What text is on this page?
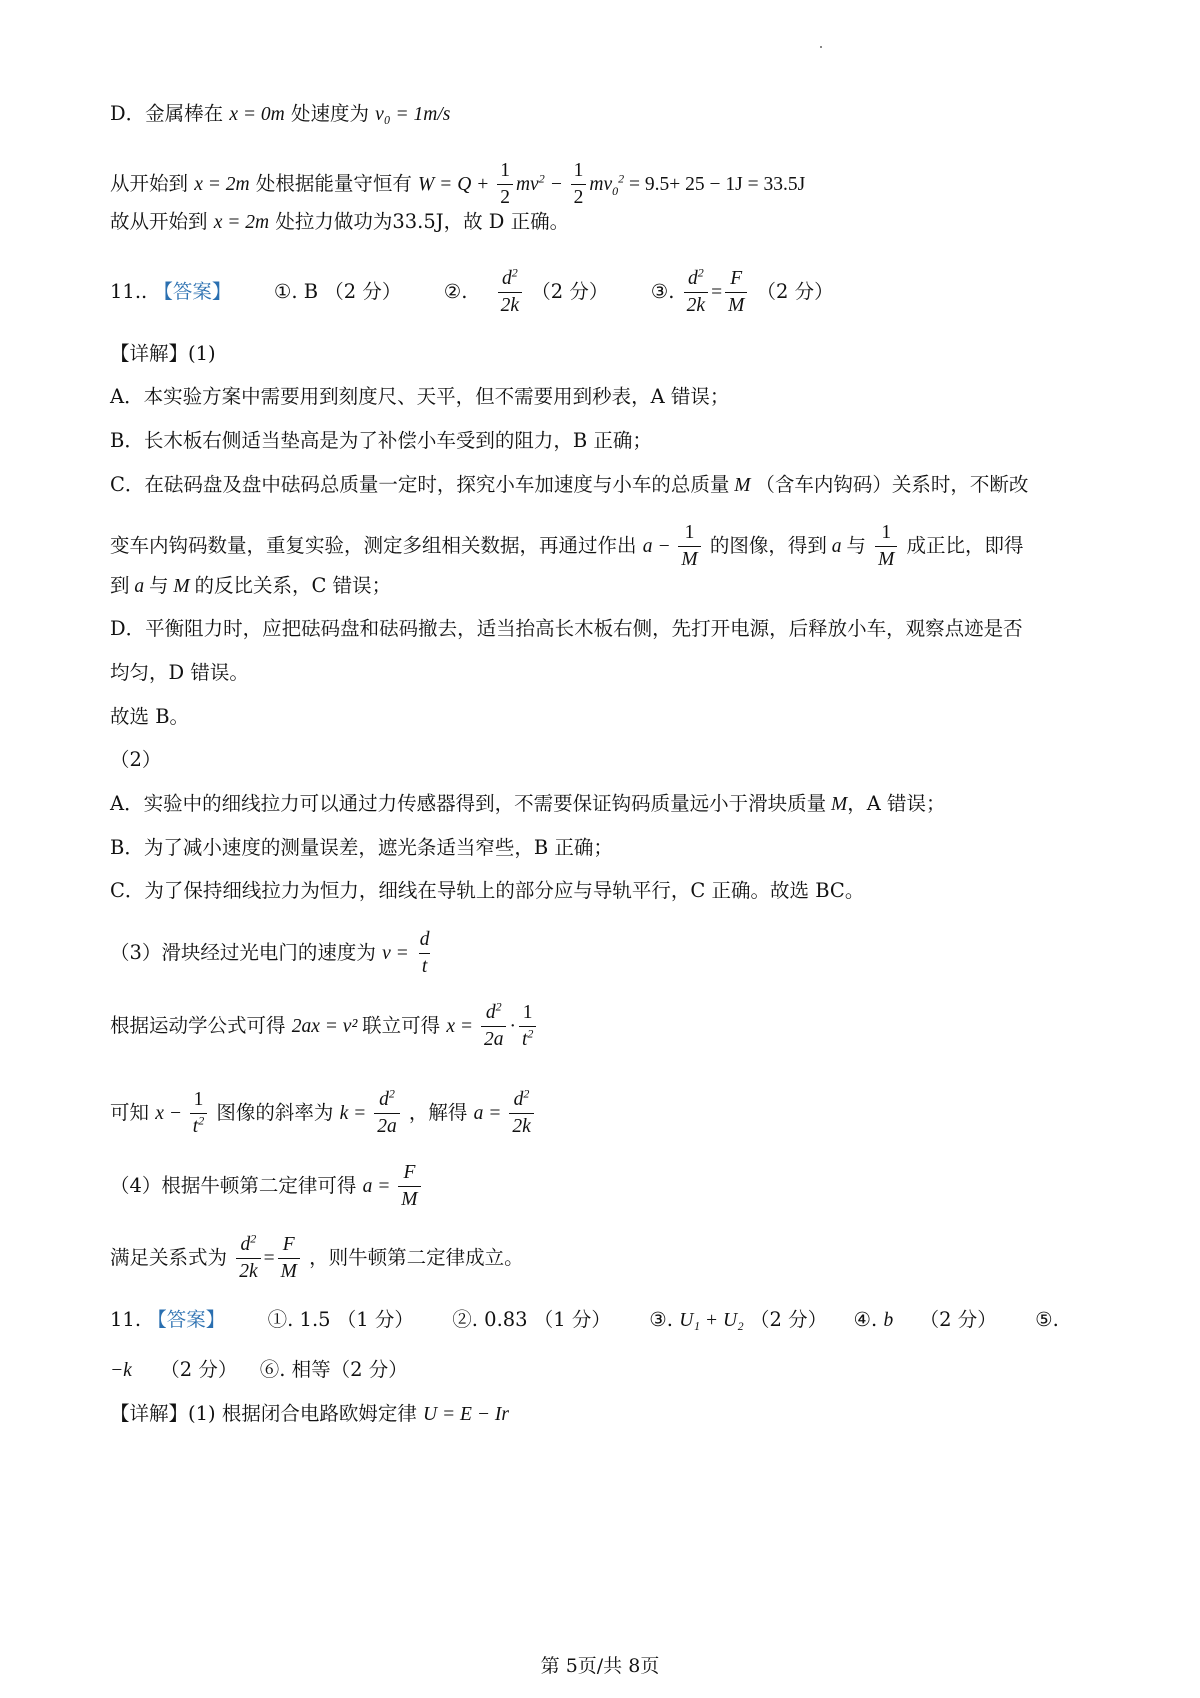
D．金属棒在 x = 0m 处速度为 v₀ = 1m/s
从开始到 x = 2m 处根据能量守恒有 $W = Q + \frac{1}{2} mv^2 - \frac{1}{2} mv_0^2 = 9.5+ 25 - 1J = 33.5J$
故从开始到 x = 2m 处拉力做功为33.5J，故 D 正确。
11.. 【答案】 ①. B （2 分） ②. $\frac{d^2}{2k} (2$ 分） ③. $\frac{d^2}{2k} = \frac{F}{M} (2$ 分）
【详解】(1)
A．本实验方案中需要用到刻度尺、天平，但不需要用到秒表，A 错误；
B．长木板右侧适当垫高是为了补偿小车受到的阻力，B 正确；
C．在砝码盘及盘中砝码总质量一定时，探究小车加速度与小车的总质量 M （含车内钩码）关系时，不断改
变车内钩码数量，重复实验，测定多组相关数据，再通过作出 $a - \frac{1}{M}$ 的图像，得到 a 与 $\frac{1}{M}$ 成正比，即得
到 a 与 M 的反比关系，C 错误；
D．平衡阻力时，应把砝码盘和砝码撤去，适当抬高长木板右侧，先打开电源，后释放小车，观察点迹是否
均匀，D 错误。
故选 B。
（2）
A．实验中的细线拉力可以通过力传感器得到，不需要保证钩码质量远小于滑块质量 M，A 错误；
B．为了减小速度的测量误差，遮光条适当窄些，B 正确；
C．为了保持细线拉力为恒力，细线在导轨上的部分应与导轨平行，C 正确。故选 BC。
（3）滑块经过光电门的速度为 $v = \frac{d}{t}$
根据运动学公式可得 2ax = v² 联立可得 $x = \frac{d^2}{2a} \cdot \frac{1}{t^2}$
可知 $x - \frac{1}{t^2}$ 图像的斜率为 $k = \frac{d^2}{2a}$ ，解得 $a = \frac{d^2}{2k}$
（4）根据牛顿第二定律可得 $a = \frac{F}{M}$
满足关系式为 $\frac{d^2}{2k} = \frac{F}{M}$ ，则牛顿第二定律成立。
11. 【答案】 ①. 1.5 （1 分） ②. 0.83 （1 分） ③. U₁ + U₂ （2 分） ④. b （2 分） ⑤.
−k （2 分） ⑥. 相等（2 分）
【详解】(1) 根据闭合电路欧姆定律 U = E − Ir
第 5页/共 8页
